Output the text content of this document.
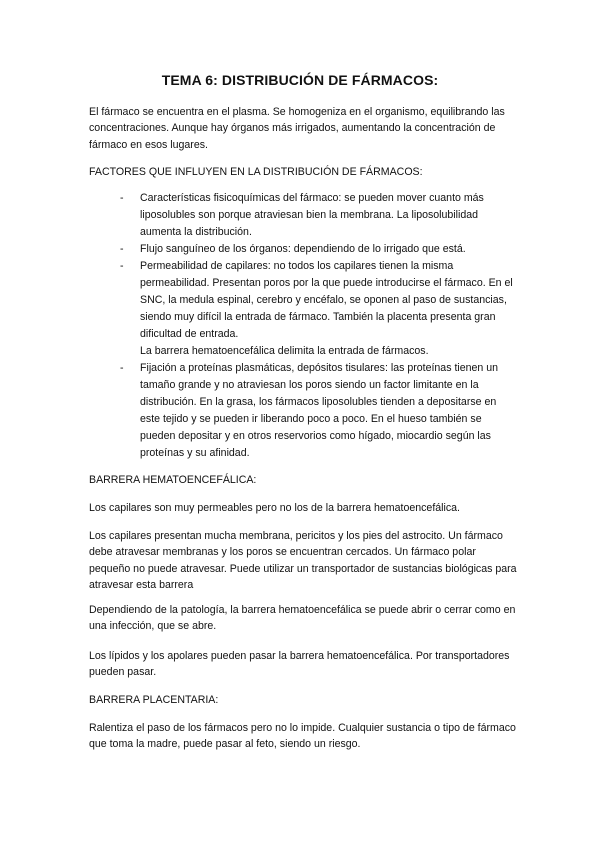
TEMA 6: DISTRIBUCIÓN DE FÁRMACOS:

El fármaco se encuentra en el plasma. Se homogeniza en el organismo, equilibrando las concentraciones. Aunque hay órganos más irrigados, aumentando la concentración de fármaco en esos lugares.

FACTORES QUE INFLUYEN EN LA DISTRIBUCIÓN DE FÁRMACOS:

- Características fisicoquímicas del fármaco: se pueden mover cuanto más liposolubles son porque atraviesan bien la membrana. La liposolubilidad aumenta la distribución.
- Flujo sanguíneo de los órganos: dependiendo de lo irrigado que está.
- Permeabilidad de capilares: no todos los capilares tienen la misma permeabilidad. Presentan poros por la que puede introducirse el fármaco. En el SNC, la medula espinal, cerebro y encéfalo, se oponen al paso de sustancias, siendo muy difícil la entrada de fármaco. También la placenta presenta gran dificultad de entrada.
La barrera hematoencefálica delimita la entrada de fármacos.
- Fijación a proteínas plasmáticas, depósitos tisulares: las proteínas tienen un tamaño grande y no atraviesan los poros siendo un factor limitante en la distribución. En la grasa, los fármacos liposolubles tienden a depositarse en este tejido y se pueden ir liberando poco a poco. En el hueso también se pueden depositar y en otros reservorios como hígado, miocardio según las proteínas y su afinidad.

BARRERA HEMATOENCEFÁLICA:

Los capilares son muy permeables pero no los de la barrera hematoencefálica.

Los capilares presentan mucha membrana, pericitos y los pies del astrocito. Un fármaco debe atravesar membranas y los poros se encuentran cercados. Un fármaco polar pequeño no puede atravesar. Puede utilizar un transportador de sustancias biológicas para atravesar esta barrera

Dependiendo de la patología, la barrera hematoencefálica se puede abrir o cerrar como en una infección, que se abre.

Los lípidos y los apolares pueden pasar la barrera hematoencefálica. Por transportadores pueden pasar.

BARRERA PLACENTARIA:

Ralentiza el paso de los fármacos pero no lo impide. Cualquier sustancia o tipo de fármaco que toma la madre, puede pasar al feto, siendo un riesgo.
